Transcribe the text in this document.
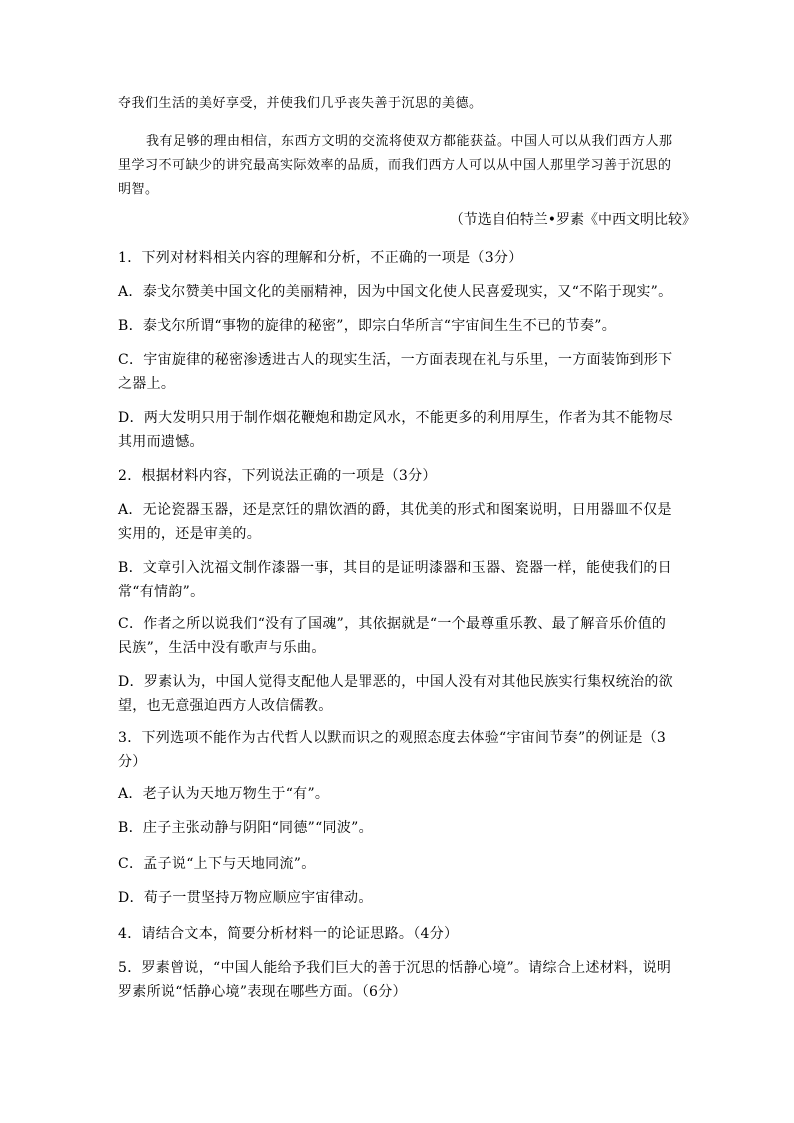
夺我们生活的美好享受，并使我们几乎丧失善于沉思的美德。

我有足够的理由相信，东西方文明的交流将使双方都能获益。中国人可以从我们西方人那里学习不可缺少的讲究最高实际效率的品质，而我们西方人可以从中国人那里学习善于沉思的明智。

（节选自伯特兰•罗素《中西文明比较》

1．下列对材料相关内容的理解和分析，不正确的一项是（3分）

A．泰戈尔赞美中国文化的美丽精神，因为中国文化使人民喜爱现实，又“不陷于现实”。

B．泰戈尔所谓“事物的旋律的秘密”，即宗白华所言“宇宙间生生不已的节奏”。

C．宇宙旋律的秘密渗透进古人的现实生活，一方面表现在礼与乐里，一方面装饰到形下之器上。

D．两大发明只用于制作烟花鞭炮和勘定风水，不能更多的利用厚生，作者为其不能物尽其用而遗憾。

2．根据材料内容，下列说法正确的一项是（3分）

A．无论瓷器玉器，还是烹饪的鼎饮酒的爵，其优美的形式和图案说明，日用器皿不仅是实用的，还是审美的。

B．文章引入沈福文制作漆器一事，其目的是证明漆器和玉器、瓷器一样，能使我们的日常“有情韵”。

C．作者之所以说我们“没有了国魂”，其依据就是“一个最尊重乐教、最了解音乐价值的民族”，生活中没有歌声与乐曲。

D．罗素认为，中国人觉得支配他人是罪恶的，中国人没有对其他民族实行集权统治的欲望，也无意强迫西方人改信儒教。

3．下列选项不能作为古代哲人以默而识之的观照态度去体验“宇宙间节奏”的例证是（3分）

A．老子认为天地万物生于“有”。

B．庄子主张动静与阴阳“同德”“同波”。

C．孟子说“上下与天地同流”。

D．荀子一贯坚持万物应顺应宇宙律动。

4．请结合文本，简要分析材料一的论证思路。（4分）

5．罗素曾说，“中国人能给予我们巨大的善于沉思的恬静心境”。请综合上述材料，说明罗素所说“恬静心境”表现在哪些方面。（6分）
